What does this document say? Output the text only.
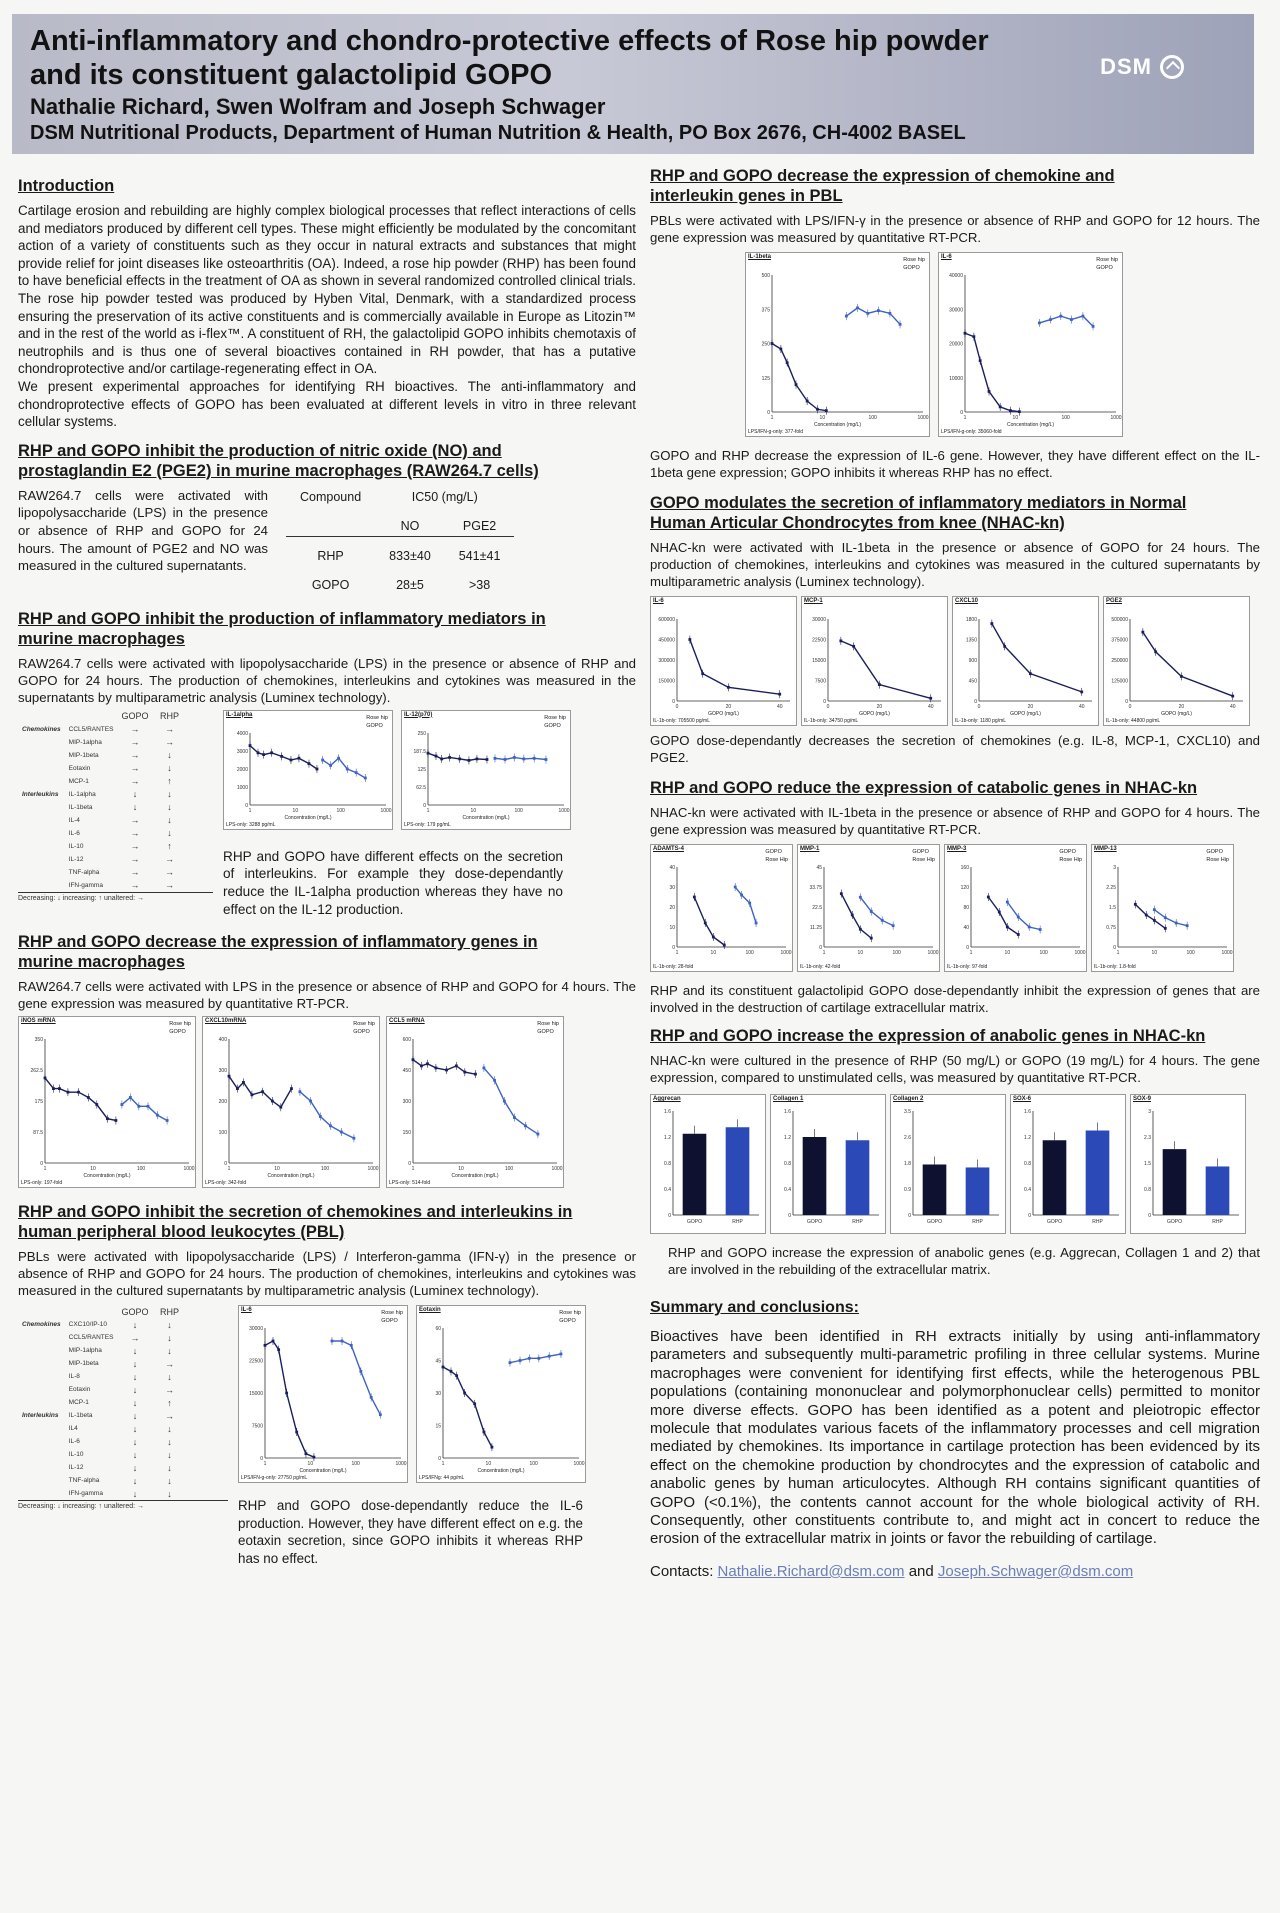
Anti-inflammatory and chondro-protective effects of Rose hip powder
and its constituent galactolipid GOPO
Nathalie Richard, Swen Wolfram and Joseph Schwager
DSM Nutritional Products, Department of Human Nutrition & Health, PO Box 2676, CH-4002 BASEL
DSM
Introduction

Cartilage erosion and rebuilding are highly complex biological processes that reflect interactions of cells and mediators produced by different cell types. These might efficiently be modulated by the concomitant action of a variety of constituents such as they occur in natural extracts and substances that might provide relief for joint diseases like osteoarthritis (OA). Indeed, a rose hip powder (RHP) has been found to have beneficial effects in the treatment of OA as shown in several randomized controlled clinical trials. The rose hip powder tested was produced by Hyben Vital, Denmark, with a standardized process ensuring the preservation of its active constituents and is commercially available in Europe as Litozin™ and in the rest of the world as i-flex™. A constituent of RH, the galactolipid GOPO inhibits chemotaxis of neutrophils and is thus one of several bioactives contained in RH powder, that has a putative chondroprotective and/or cartilage-regenerating effect in OA.

We present experimental approaches for identifying RH bioactives. The anti-inflammatory and chondroprotective effects of GOPO has been evaluated at different levels in vitro in three relevant cellular systems.

RHP and GOPO inhibit the production of nitric oxide (NO) and
prostaglandin E2 (PGE2) in murine macrophages (RAW264.7 cells)

RAW264.7 cells were activated with lipopolysaccharide (LPS) in the presence or absence of RHP and GOPO for 24 hours. The amount of PGE2 and NO was measured in the cultured supernatants.

Compound	IC50 (mg/L)	
	NO	PGE2
RHP	833±40	541±41
GOPO	28±5	>38
RHP and GOPO inhibit the production of inflammatory mediators in
murine macrophages

RAW264.7 cells were activated with lipopolysaccharide (LPS) in the presence or absence of RHP and GOPO for 24 hours. The production of chemokines, interleukins and cytokines was measured in the supernatants by multiparametric analysis (Luminex technology).

		GOPO	RHP
Chemokines	CCL5/RANTES	→	→
	MIP-1alpha	→	→
	MIP-1beta	→	↓
	Eotaxin	→	↓
	MCP-1	→	↑
Interleukins	IL-1alpha	↓	↓
	IL-1beta	↓	↓
	IL-4	→	↓
	IL-6	→	↓
	IL-10	→	↑
	IL-12	→	→
	TNF-alpha	→	→
	IFN-gamma	→	→
Decreasing: ↓ increasing: ↑ unaltered: →
IL-1alpha	Rose hip
GOPO
Concentration (mg/L)
LPS-only: 3288 pg/mL
0
1000
2000
3000
4000
1	10	100	1000
IL-12(p70)	Rose hip
GOPO
Concentration (mg/L)
LPS-only: 179 pg/mL
0
62.5
125
187.5
250
1	10	100	1000

RHP and GOPO have different effects on the secretion of interleukins. For example they dose-dependantly reduce the IL-1alpha production whereas they have no effect on the IL-12 production.

RHP and GOPO decrease the expression of inflammatory genes in
murine macrophages

RAW264.7 cells were activated with LPS in the presence or absence of RHP and GOPO for 4 hours. The gene expression was measured by quantitative RT-PCR.

iNOS mRNA	Rose hip
GOPO
Concentration (mg/L)
LPS-only: 197-fold
0
87.5
175
262.5
350
1	10	100	1000
CXCL10mRNA	Rose hip
GOPO
Concentration (mg/L)
LPS-only: 342-fold
0
100
200
300
400
1	10	100	1000
CCL5 mRNA	Rose hip
GOPO
Concentration (mg/L)
LPS-only: 514-fold
0
150
300
450
600
1	10	100	1000
RHP and GOPO inhibit the secretion of chemokines and interleukins in
human peripheral blood leukocytes (PBL)

PBLs were activated with lipopolysaccharide (LPS) / Interferon-gamma (IFN-γ) in the presence or absence of RHP and GOPO for 24 hours. The production of chemokines, interleukins and cytokines was measured in the cultured supernatants by multiparametric analysis (Luminex technology).

		GOPO	RHP
Chemokines	CXC10/IP-10	↓	↓
	CCL5/RANTES	→	↓
	MIP-1alpha	↓	↓
	MIP-1beta	↓	→
	IL-8	↓	↓
	Eotaxin	↓	→
	MCP-1	↓	↑
Interleukins	IL-1beta	↓	→
	IL4	↓	↓
	IL-6	↓	↓
	IL-10	↓	↓
	IL-12	↓	↓
	TNF-alpha	↓	↓
	IFN-gamma	↓	↓
Decreasing: ↓ increasing: ↑ unaltered: →
IL-6	Rose hip
GOPO
Concentration (mg/L)
LPS/IFN-g-only: 27750 pg/mL
0
7500
15000
22500
30000
1	10	100	1000
Eotaxin	Rose hip
GOPO
Concentration (mg/L)
LPS/IFNg: 44 pg/mL
0
15
30
45
60
1	10	100	1000

RHP and GOPO dose-dependantly reduce the IL-6 production. However, they have different effect on e.g. the eotaxin secretion, since GOPO inhibits it whereas RHP has no effect.

RHP and GOPO decrease the expression of chemokine and
interleukin genes in PBL

PBLs were activated with LPS/IFN-γ in the presence or absence of RHP and GOPO for 12 hours. The gene expression was measured by quantitative RT-PCR.

IL-1beta	Rose hip
GOPO
Concentration (mg/L)
LPS/IFN-g-only: 377-fold
0
125
250
375
500
1	10	100	1000
IL-6	Rose hip
GOPO
Concentration (mg/L)
LPS/IFN-g-only: 35060-fold
0
10000
20000
30000
40000
1	10	100	1000

GOPO and RHP decrease the expression of IL-6 gene. However, they have different effect on the IL-1beta gene expression; GOPO inhibits it whereas RHP has no effect.

GOPO modulates the secretion of inflammatory mediators in Normal
Human Articular Chondrocytes from knee (NHAC-kn)

NHAC-kn were activated with IL-1beta in the presence or absence of GOPO for 24 hours. The production of chemokines, interleukins and cytokines was measured in the cultured supernatants by multiparametric analysis (Luminex technology).

IL-6
IL-1b-only: 705500 pg/mL
GOPO (mg/L)
0
150000
300000
450000
600000
0	20	40
MCP-1
IL-1b-only: 34750 pg/mL
GOPO (mg/L)
0
7500
15000
22500
30000
0	20	40
CXCL10
IL-1b-only: 1180 pg/mL
GOPO (mg/L)
0
450
900
1350
1800
0	20	40
PGE2
IL-1b-only: 44800 pg/mL
GOPO (mg/L)
0
125000
250000
375000
500000
0	20	40

GOPO dose-dependantly decreases the secretion of chemokines (e.g. IL-8, MCP-1, CXCL10) and PGE2.

RHP and GOPO reduce the expression of catabolic genes in NHAC-kn

NHAC-kn were activated with IL-1beta in the presence or absence of RHP and GOPO for 4 hours. The gene expression was measured by quantitative RT-PCR.

ADAMTS-4	GOPO
Rose Hip
IL-1b-only: 28-fold
0
10
20
30
40
1	10	100	1000
MMP-1	GOPO
Rose Hip
IL-1b-only: 42-fold
0
11.25
22.5
33.75
45
1	10	100	1000
MMP-3	GOPO
Rose Hip
IL-1b-only: 97-fold
0
40
80
120
160
1	10	100	1000
MMP-13	GOPO
Rose Hip
IL-1b-only: 1.8-fold
0
0.75
1.5
2.25
3
1	10	100	1000

RHP and its constituent galactolipid GOPO dose-dependantly inhibit the expression of genes that are involved in the destruction of cartilage extracellular matrix.

RHP and GOPO increase the expression of anabolic genes in NHAC-kn

NHAC-kn were cultured in the presence of RHP (50 mg/L) or GOPO (19 mg/L) for 4 hours. The gene expression, compared to unstimulated cells, was measured by quantitative RT-PCR.

Aggrecan
0
0.4
0.8
1.2
1.6
GOPO	RHP
Collagen 1
0
0.4
0.8
1.2
1.6
GOPO	RHP
Collagen 2
0
0.9
1.8
2.6
3.5
GOPO	RHP
SOX-6
0
0.4
0.8
1.2
1.6
GOPO	RHP
SOX-9
0
0.8
1.5
2.3
3
GOPO	RHP

RHP and GOPO increase the expression of anabolic genes (e.g. Aggrecan, Collagen 1 and 2) that are involved in the rebuilding of the extracellular matrix.

Summary and conclusions:

Bioactives have been identified in RH extracts initially by using anti-inflammatory parameters and subsequently multi-parametric profiling in three cellular systems. Murine macrophages were convenient for identifying first effects, while the heterogenous PBL populations (containing mononuclear and polymorphonuclear cells) permitted to monitor more diverse effects. GOPO has been identified as a potent and pleiotropic effector molecule that modulates various facets of the inflammatory processes and cell migration mediated by chemokines. Its importance in cartilage protection has been evidenced by its effect on the chemokine production by chondrocytes and the expression of catabolic and anabolic genes by human articulocytes. Although RH contains significant quantities of GOPO (<0.1%), the contents cannot account for the whole biological activity of RH. Consequently, other constituents contribute to, and might act in concert to reduce the erosion of the extracellular matrix in joints or favor the rebuilding of cartilage.

Contacts: Nathalie.Richard@dsm.com and Joseph.Schwager@dsm.com
